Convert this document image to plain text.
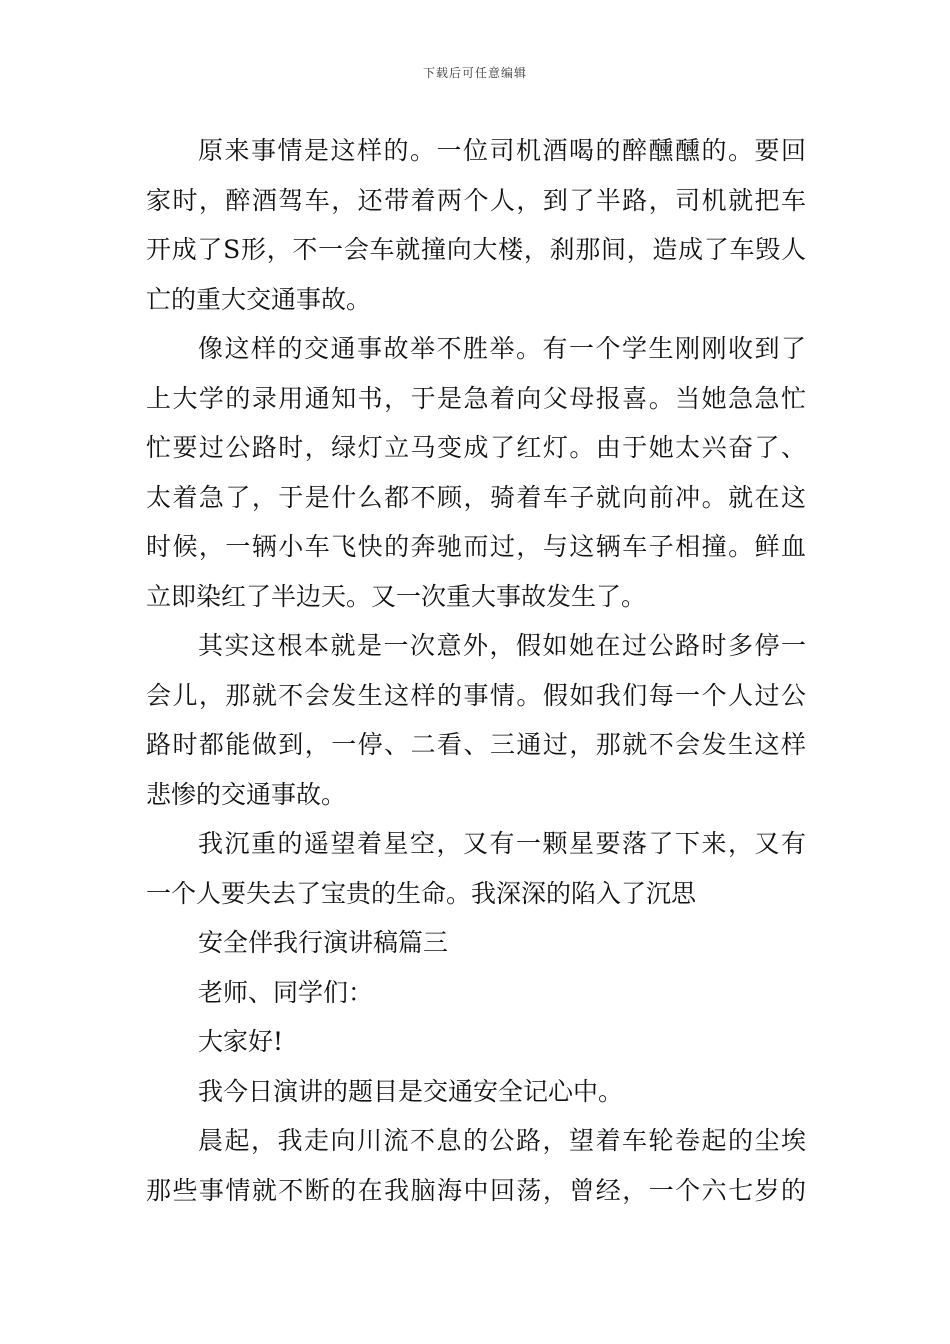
下载后可任意编辑
原来事情是这样的。一位司机酒喝的醉醺醺的。要回
家时，醉酒驾车，还带着两个人，到了半路，司机就把车
开成了S形，不一会车就撞向大楼，刹那间，造成了车毁人
亡的重大交通事故。
像这样的交通事故举不胜举。有一个学生刚刚收到了
上大学的录用通知书，于是急着向父母报喜。当她急急忙
忙要过公路时，绿灯立马变成了红灯。由于她太兴奋了、
太着急了，于是什么都不顾，骑着车子就向前冲。就在这
时候，一辆小车飞快的奔驰而过，与这辆车子相撞。鲜血
立即染红了半边天。又一次重大事故发生了。
其实这根本就是一次意外，假如她在过公路时多停一
会儿，那就不会发生这样的事情。假如我们每一个人过公
路时都能做到，一停、二看、三通过，那就不会发生这样
悲惨的交通事故。
我沉重的遥望着星空，又有一颗星要落了下来，又有
一个人要失去了宝贵的生命。我深深的陷入了沉思
安全伴我行演讲稿篇三
老师、同学们：
大家好!
我今日演讲的题目是交通安全记心中。
晨起，我走向川流不息的公路，望着车轮卷起的尘埃
那些事情就不断的在我脑海中回荡，曾经，一个六七岁的
